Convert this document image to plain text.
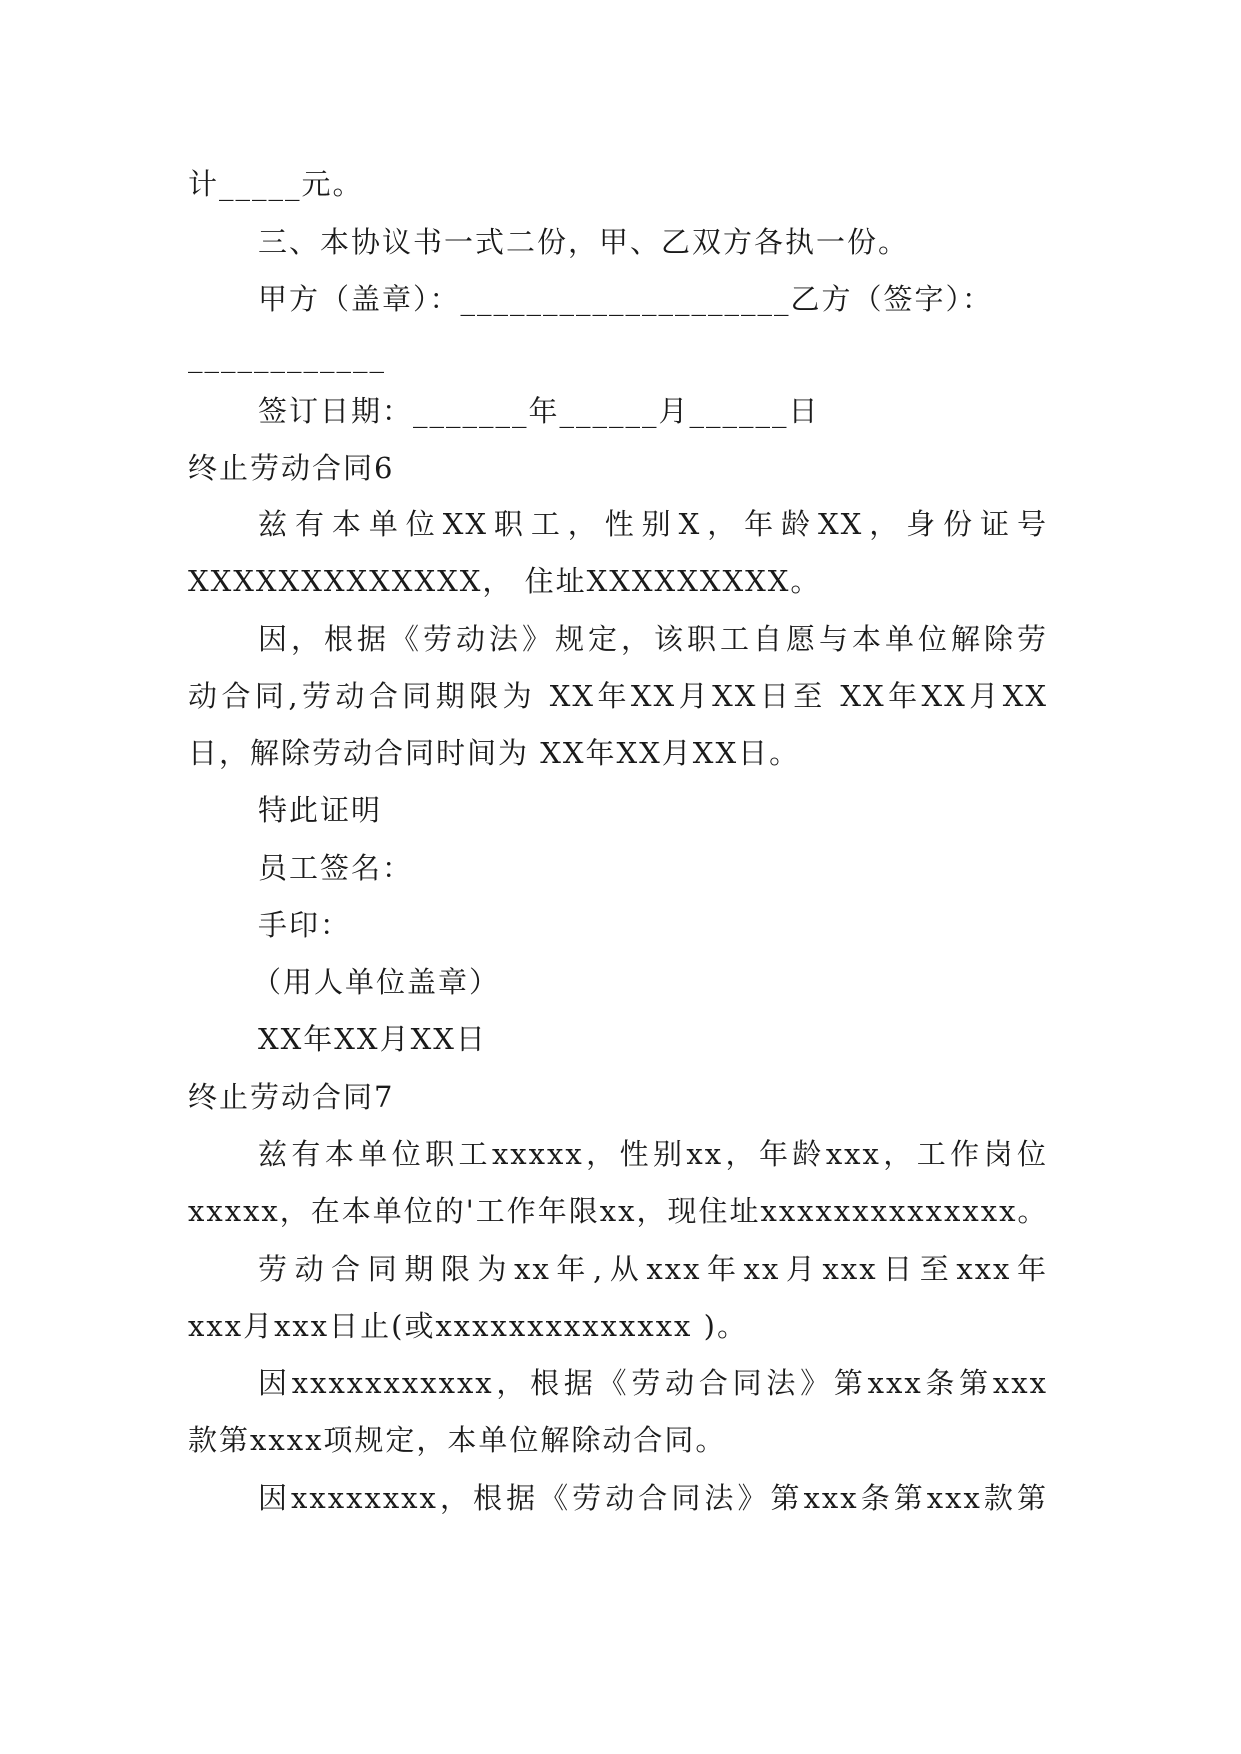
计_____元。
三、本协议书一式二份，甲、乙双方各执一份。
甲方（盖章）：____________________乙方（签字）：
____________
签订日期：_______年______月______日
终止劳动合同6
兹有本单位XX职工，性别X，年龄XX，身份证号
XXXXXXXXXXXXX， 住址XXXXXXXXX。
因，根据《劳动法》规定，该职工自愿与本单位解除劳
动合同,劳动合同期限为 XX年XX月XX日至 XX年XX月XX
日，解除劳动合同时间为 XX年XX月XX日。
特此证明
员工签名：
手印：
（用人单位盖章）
XX年XX月XX日
终止劳动合同7
兹有本单位职工xxxxx，性别xx，年龄xxx，工作岗位
xxxxx，在本单位的'工作年限xx，现住址xxxxxxxxxxxxxx。
劳动合同期限为xx年,从xxx年xx月xxx日至xxx年
xxx月xxx日止(或xxxxxxxxxxxxxx )。
因xxxxxxxxxxx，根据《劳动合同法》第xxx条第xxx
款第xxxx项规定，本单位解除动合同。
因xxxxxxxx，根据《劳动合同法》第xxx条第xxx款第
